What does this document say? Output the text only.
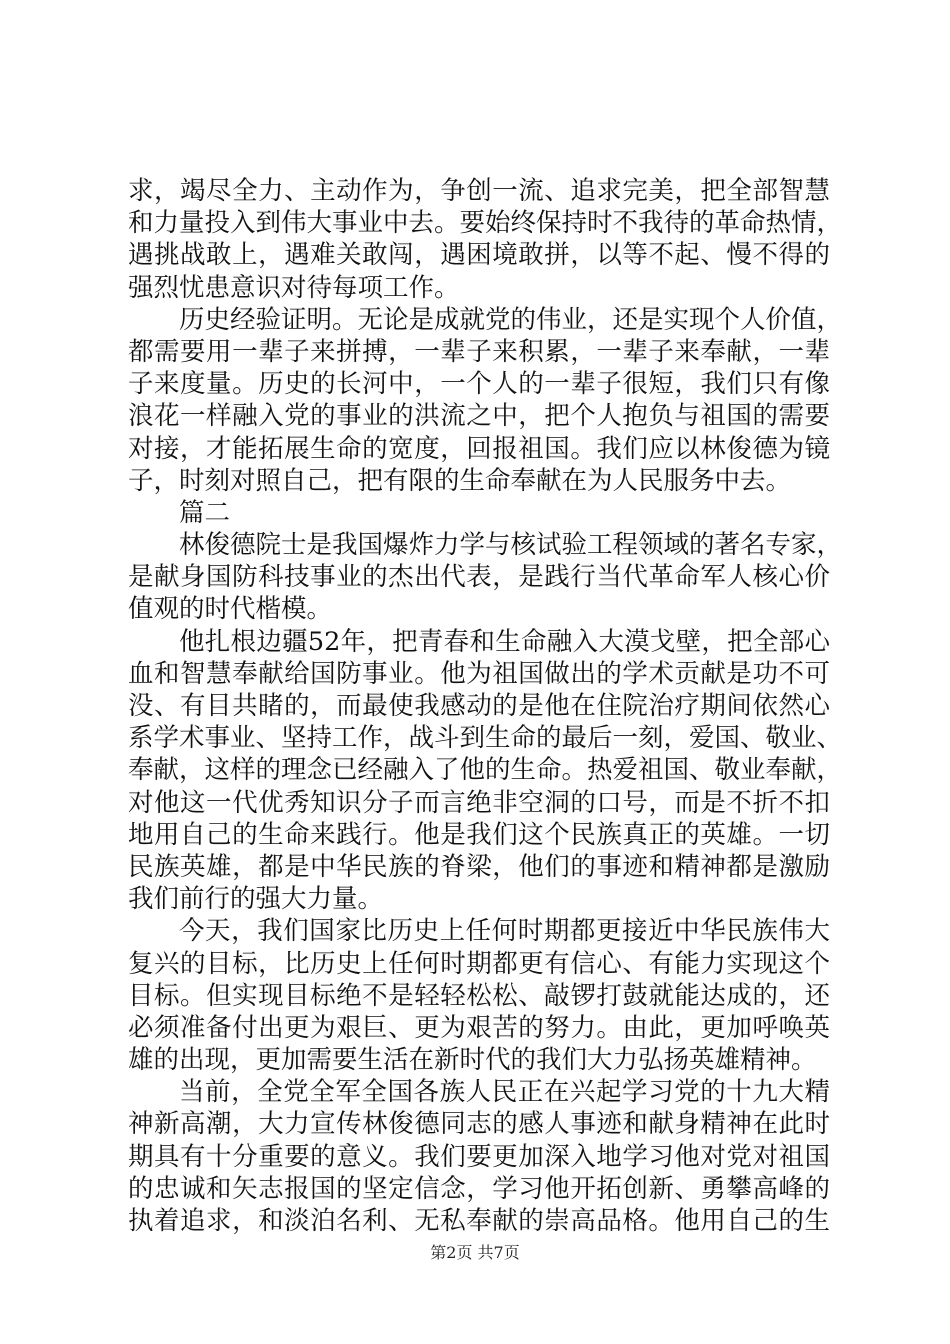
求，竭尽全力、主动作为，争创一流、追求完美，把全部智慧
和力量投入到伟大事业中去。要始终保持时不我待的革命热情，
遇挑战敢上，遇难关敢闯，遇困境敢拼，以等不起、慢不得的
强烈忧患意识对待每项工作。
历史经验证明。无论是成就党的伟业，还是实现个人价值，
都需要用一辈子来拼搏，一辈子来积累，一辈子来奉献，一辈
子来度量。历史的长河中，一个人的一辈子很短，我们只有像
浪花一样融入党的事业的洪流之中，把个人抱负与祖国的需要
对接，才能拓展生命的宽度，回报祖国。我们应以林俊德为镜
子，时刻对照自己，把有限的生命奉献在为人民服务中去。
篇二
林俊德院士是我国爆炸力学与核试验工程领域的著名专家，
是献身国防科技事业的杰出代表，是践行当代革命军人核心价
值观的时代楷模。
他扎根边疆52年，把青春和生命融入大漠戈壁，把全部心
血和智慧奉献给国防事业。他为祖国做出的学术贡献是功不可
没、有目共睹的，而最使我感动的是他在住院治疗期间依然心
系学术事业、坚持工作，战斗到生命的最后一刻，爱国、敬业、
奉献，这样的理念已经融入了他的生命。热爱祖国、敬业奉献，
对他这一代优秀知识分子而言绝非空洞的口号，而是不折不扣
地用自己的生命来践行。他是我们这个民族真正的英雄。一切
民族英雄，都是中华民族的脊梁，他们的事迹和精神都是激励
我们前行的强大力量。
今天，我们国家比历史上任何时期都更接近中华民族伟大
复兴的目标，比历史上任何时期都更有信心、有能力实现这个
目标。但实现目标绝不是轻轻松松、敲锣打鼓就能达成的，还
必须准备付出更为艰巨、更为艰苦的努力。由此，更加呼唤英
雄的出现，更加需要生活在新时代的我们大力弘扬英雄精神。
当前，全党全军全国各族人民正在兴起学习党的十九大精
神新高潮，大力宣传林俊德同志的感人事迹和献身精神在此时
期具有十分重要的意义。我们要更加深入地学习他对党对祖国
的忠诚和矢志报国的坚定信念，学习他开拓创新、勇攀高峰的
执着追求，和淡泊名利、无私奉献的崇高品格。他用自己的生
第2页 共7页
